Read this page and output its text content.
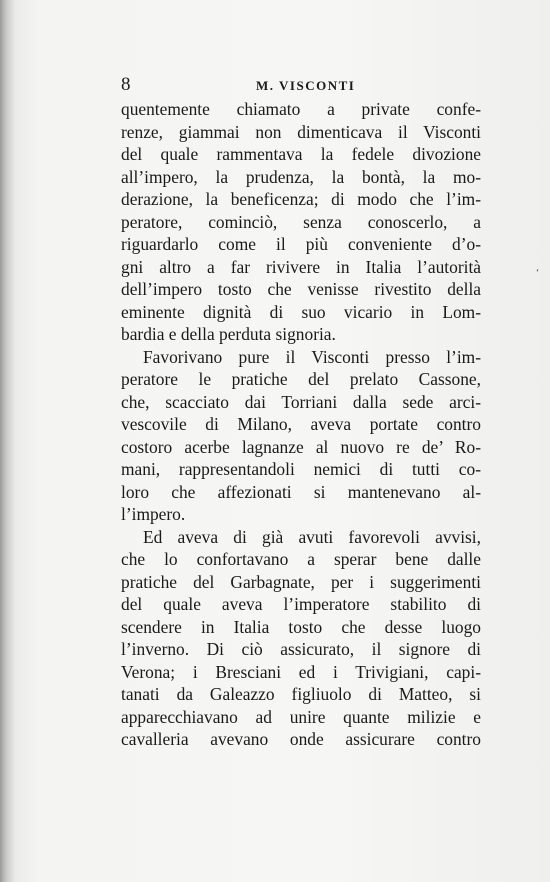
8	M. VISCONTI
quentemente chiamato a private confe-
renze, giammai non dimenticava il Visconti
del quale rammentava la fedele divozione
all’impero, la prudenza, la bontà, la mo-
derazione, la beneficenza; di modo che l’im-
peratore, cominciò, senza conoscerlo, a
riguardarlo come il più conveniente d’o-
gni altro a far rivivere in Italia l’autorità
dell’impero tosto che venisse rivestito della
eminente dignità di suo vicario in Lom-
bardia e della perduta signoria.
Favorivano pure il Visconti presso l’im-
peratore le pratiche del prelato Cassone,
che, scacciato dai Torriani dalla sede arci-
vescovile di Milano, aveva portate contro
costoro acerbe lagnanze al nuovo re de’ Ro-
mani, rappresentandoli nemici di tutti co-
loro che affezionati si mantenevano al-
l’impero.
Ed aveva di già avuti favorevoli avvisi,
che lo confortavano a sperar bene dalle
pratiche del Garbagnate, per i suggerimenti
del quale aveva l’imperatore stabilito di
scendere in Italia tosto che desse luogo
l’inverno. Di ciò assicurato, il signore di
Verona; i Bresciani ed i Trivigiani, capi-
tanati da Galeazzo figliuolo di Matteo, si
apparecchiavano ad unire quante milizie e
cavalleria avevano onde assicurare contro
‘
